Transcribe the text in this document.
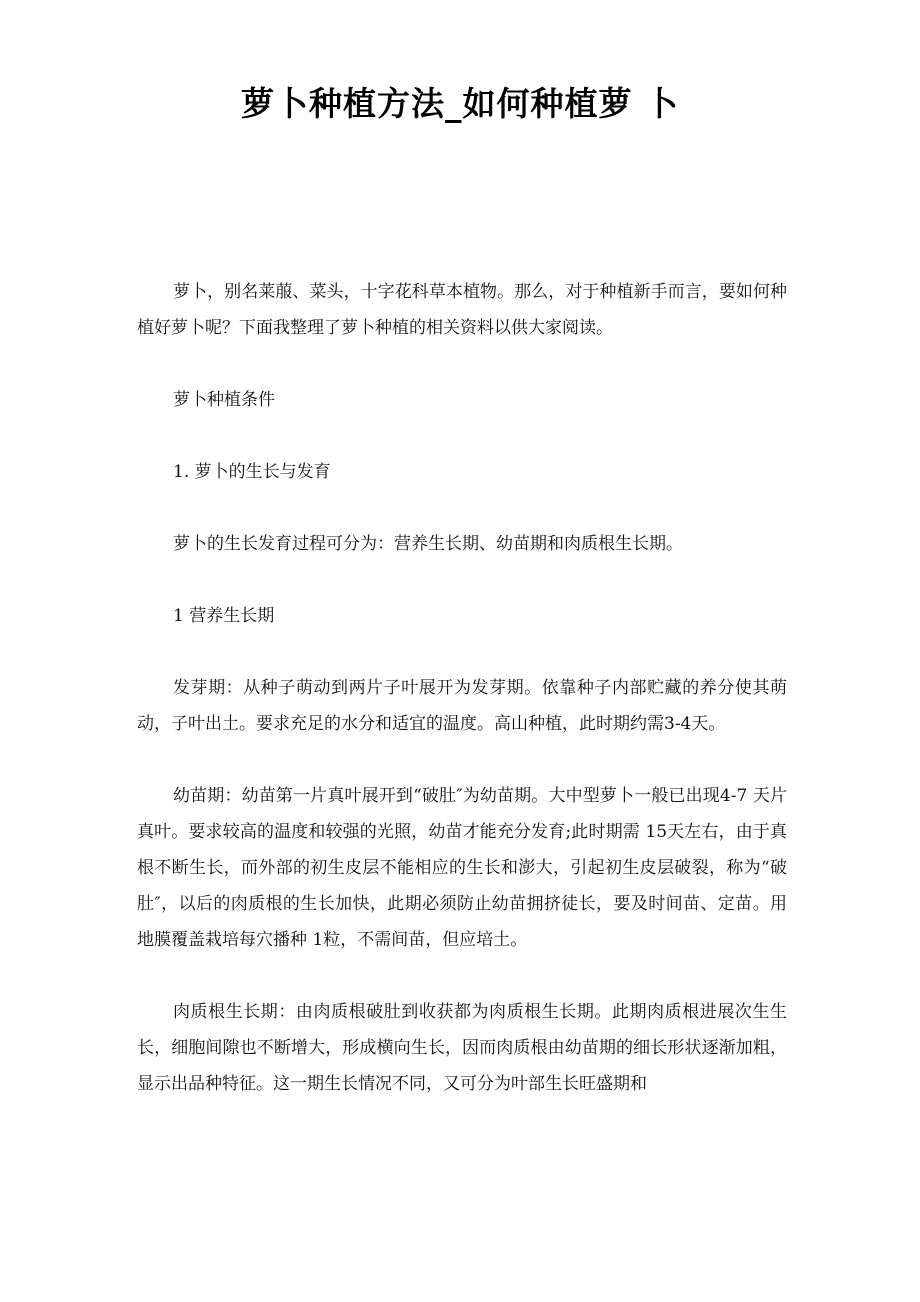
萝卜种植方法_如何种植萝 卜

萝卜，别名莱菔、菜头，十字花科草本植物。那么，对于种植新手而言，要如何种植好萝卜呢？下面我整理了萝卜种植的相关资料以供大家阅读。

萝卜种植条件

1. 萝卜的生长与发育

萝卜的生长发育过程可分为：营养生长期、幼苗期和肉质根生长期。

1 营养生长期

发芽期：从种子萌动到两片子叶展开为发芽期。依靠种子内部贮藏的养分使其萌动，子叶出土。要求充足的水分和适宜的温度。高山种植，此时期约需3-4天。

幼苗期：幼苗第一片真叶展开到“破肚″为幼苗期。大中型萝卜一般已出现4-7 天片真叶。要求较高的温度和较强的光照，幼苗才能充分发育;此时期需 15天左右，由于真根不断生长，而外部的初生皮层不能相应的生长和澎大，引起初生皮层破裂，称为“破肚″，以后的肉质根的生长加快，此期必须防止幼苗拥挤徒长，要及时间苗、定苗。用地膜覆盖栽培每穴播种 1粒，不需间苗，但应培土。

肉质根生长期：由肉质根破肚到收获都为肉质根生长期。此期肉质根进展次生生长，细胞间隙也不断增大，形成横向生长，因而肉质根由幼苗期的细长形状逐渐加粗，显示出品种特征。这一期生长情况不同，又可分为叶部生长旺盛期和
